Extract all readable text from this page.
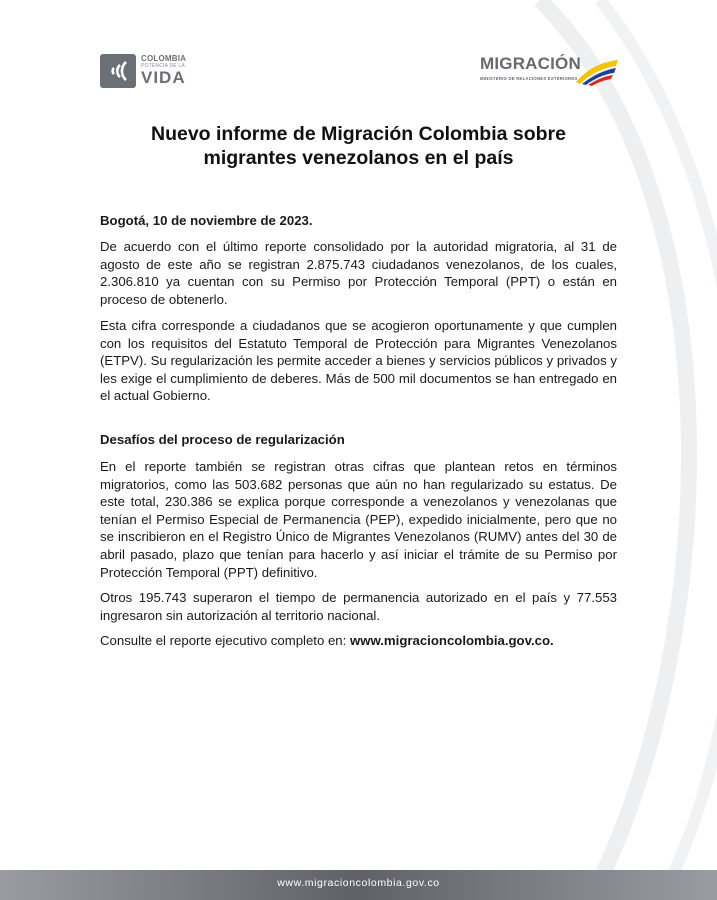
COLOMBIA
POTENCIA DE LA
VIDA
MIGRACIÓN
MINISTERIO DE RELACIONES EXTERIORES
Nuevo informe de Migración Colombia sobre
migrantes venezolanos en el país

Bogotá, 10 de noviembre de 2023.

De acuerdo con el último reporte consolidado por la autoridad migratoria, al 31 de agosto de este año se registran 2.875.743 ciudadanos venezolanos, de los cuales, 2.306.810 ya cuentan con su Permiso por Protección Temporal (PPT) o están en proceso de obtenerlo.

Esta cifra corresponde a ciudadanos que se acogieron oportunamente y que cumplen con los requisitos del Estatuto Temporal de Protección para Migrantes Venezolanos (ETPV). Su regularización les permite acceder a bienes y servicios públicos y privados y les exige el cumplimiento de deberes. Más de 500 mil documentos se han entregado en el actual Gobierno.

Desafíos del proceso de regularización

En el reporte también se registran otras cifras que plantean retos en términos migratorios, como las 503.682 personas que aún no han regularizado su estatus. De este total, 230.386 se explica porque corresponde a venezolanos y venezolanas que tenían el Permiso Especial de Permanencia (PEP), expedido inicialmente, pero que no se inscribieron en el Registro Único de Migrantes Venezolanos (RUMV) antes del 30 de abril pasado, plazo que tenían para hacerlo y así iniciar el trámite de su Permiso por Protección Temporal (PPT) definitivo.

Otros 195.743 superaron el tiempo de permanencia autorizado en el país y 77.553 ingresaron sin autorización al territorio nacional.

Consulte el reporte ejecutivo completo en: www.migracioncolombia.gov.co.

www.migracioncolombia.gov.co
